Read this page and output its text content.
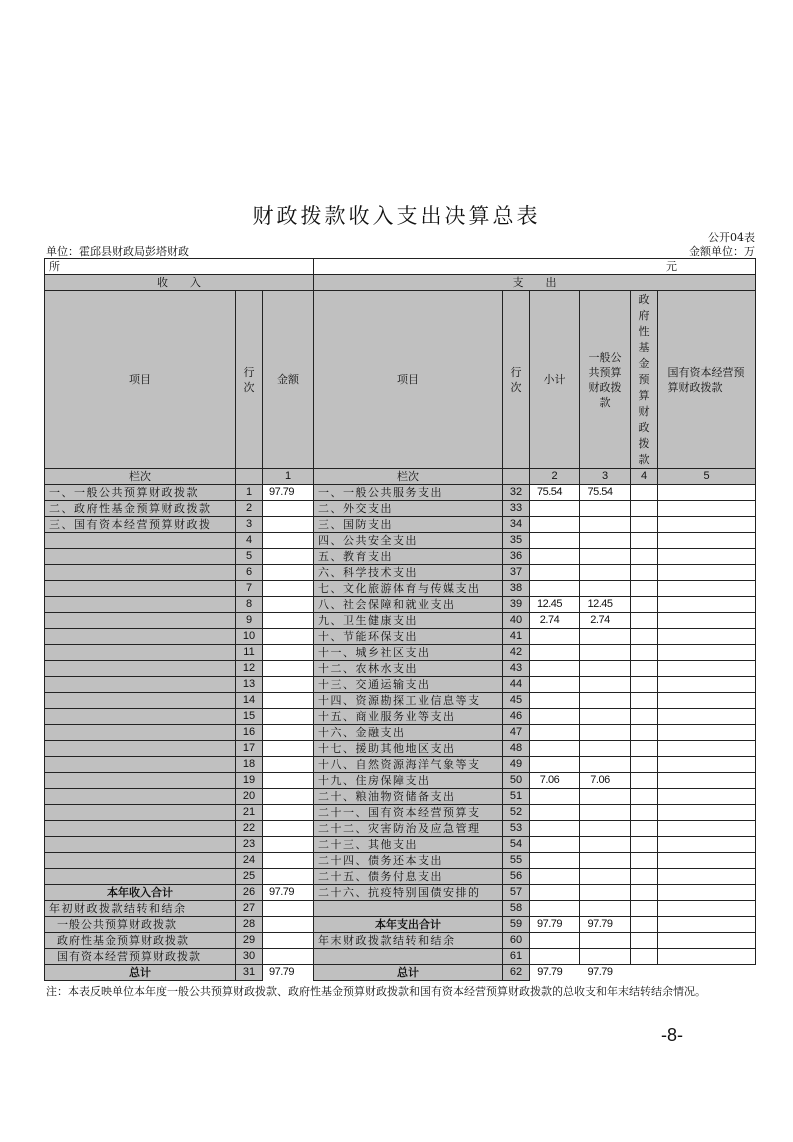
财政拨款收入支出决算总表
公开04表
单位：霍邱县财政局彭塔财政	金额单位：万
所			元					
收　　入			支　　出					
项目	行次	金额	项目	行次	小计	一般公共预算财政拨款	政府性基金预算财政拨款	国有资本经营预算财政拨款
栏次		1	栏次		2	3	4	5
一、一般公共预算财政拨款	1	97.79	一、一般公共服务支出	32	75.54	75.54		
二、政府性基金预算财政拨款	2		二、外交支出	33				
三、国有资本经营预算财政拨	3		三、国防支出	34				
	4		四、公共安全支出	35				
	5		五、教育支出	36				
	6		六、科学技术支出	37				
	7		七、文化旅游体育与传媒支出	38				
	8		八、社会保障和就业支出	39	12.45	12.45		
	9		九、卫生健康支出	40	2.74	2.74		
	10		十、节能环保支出	41				
	11		十一、城乡社区支出	42				
	12		十二、农林水支出	43				
	13		十三、交通运输支出	44				
	14		十四、资源勘探工业信息等支	45				
	15		十五、商业服务业等支出	46				
	16		十六、金融支出	47				
	17		十七、援助其他地区支出	48				
	18		十八、自然资源海洋气象等支	49				
	19		十九、住房保障支出	50	7.06	7.06		
	20		二十、粮油物资储备支出	51				
	21		二十一、国有资本经营预算支	52				
	22		二十二、灾害防治及应急管理	53				
	23		二十三、其他支出	54				
	24		二十四、债务还本支出	55				
	25		二十五、债务付息支出	56				
本年收入合计	26	97.79	二十六、抗疫特别国债安排的	57				
年初财政拨款结转和结余	27			58				
一般公共预算财政拨款	28		本年支出合计	59	97.79	97.79		
政府性基金预算财政拨款	29		年末财政拨款结转和结余	60				
国有资本经营预算财政拨款	30			61				
总计	31	97.79	总计	62	97.79	97.79		
注：本表反映单位本年度一般公共预算财政拨款、政府性基金预算财政拨款和国有资本经营预算财政拨款的总收支和年末结转结余情况。
-8-
